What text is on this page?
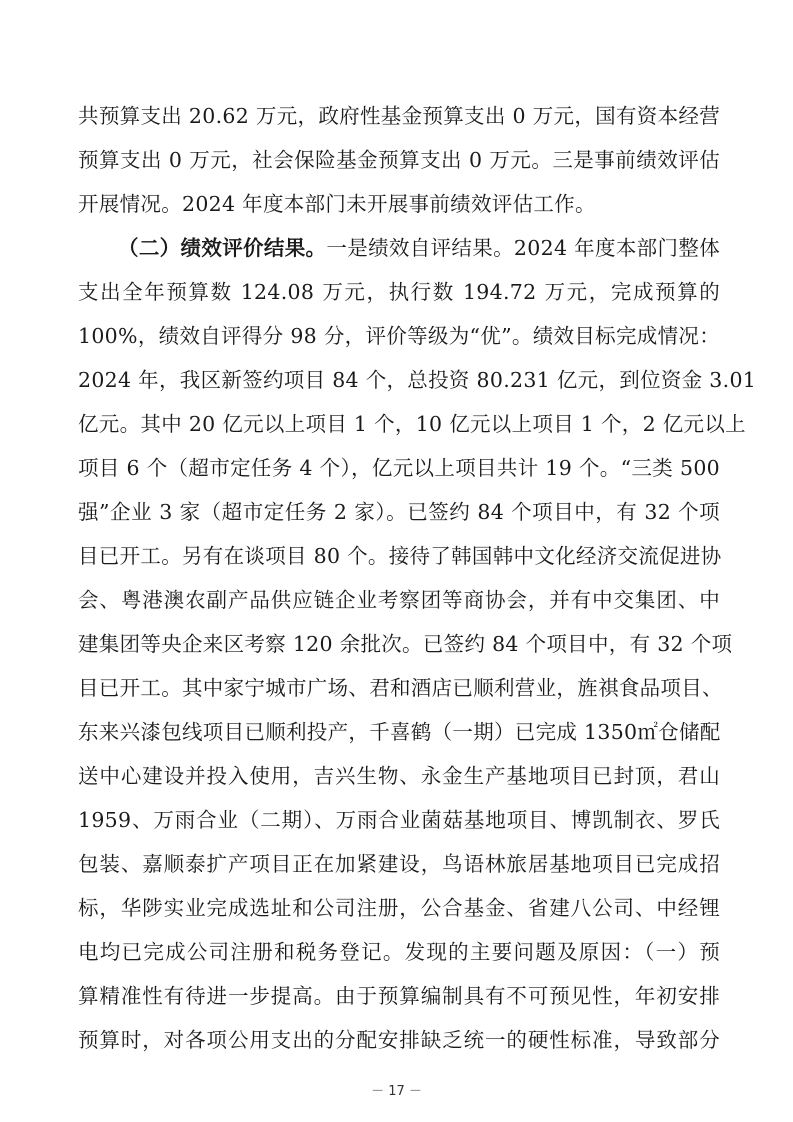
共预算支出 20.62 万元，政府性基金预算支出 0 万元，国有资本经营
预算支出 0 万元，社会保险基金预算支出 0 万元。三是事前绩效评估
开展情况。2024 年度本部门未开展事前绩效评估工作。
（二）绩效评价结果。一是绩效自评结果。2024 年度本部门整体
支出全年预算数 124.08 万元，执行数 194.72 万元，完成预算的
100%，绩效自评得分 98 分，评价等级为“优”。绩效目标完成情况：
2024 年，我区新签约项目 84 个，总投资 80.231 亿元，到位资金 3.01
亿元。其中 20 亿元以上项目 1 个，10 亿元以上项目 1 个，2 亿元以上
项目 6 个（超市定任务 4 个），亿元以上项目共计 19 个。“三类 500
强”企业 3 家（超市定任务 2 家）。已签约 84 个项目中，有 32 个项
目已开工。另有在谈项目 80 个。接待了韩国韩中文化经济交流促进协
会、粤港澳农副产品供应链企业考察团等商协会，并有中交集团、中
建集团等央企来区考察 120 余批次。已签约 84 个项目中，有 32 个项
目已开工。其中家宁城市广场、君和酒店已顺利营业，旌祺食品项目、
东来兴漆包线项目已顺利投产，千喜鹤（一期）已完成 1350㎡仓储配
送中心建设并投入使用，吉兴生物、永金生产基地项目已封顶，君山
1959、万雨合业（二期）、万雨合业菌菇基地项目、博凯制衣、罗氏
包装、嘉顺泰扩产项目正在加紧建设，鸟语林旅居基地项目已完成招
标，华陟实业完成选址和公司注册，公合基金、省建八公司、中经锂
电均已完成公司注册和税务登记。发现的主要问题及原因：（一）预
算精准性有待进一步提高。由于预算编制具有不可预见性，年初安排
预算时，对各项公用支出的分配安排缺乏统一的硬性标准，导致部分
－ 17 －
